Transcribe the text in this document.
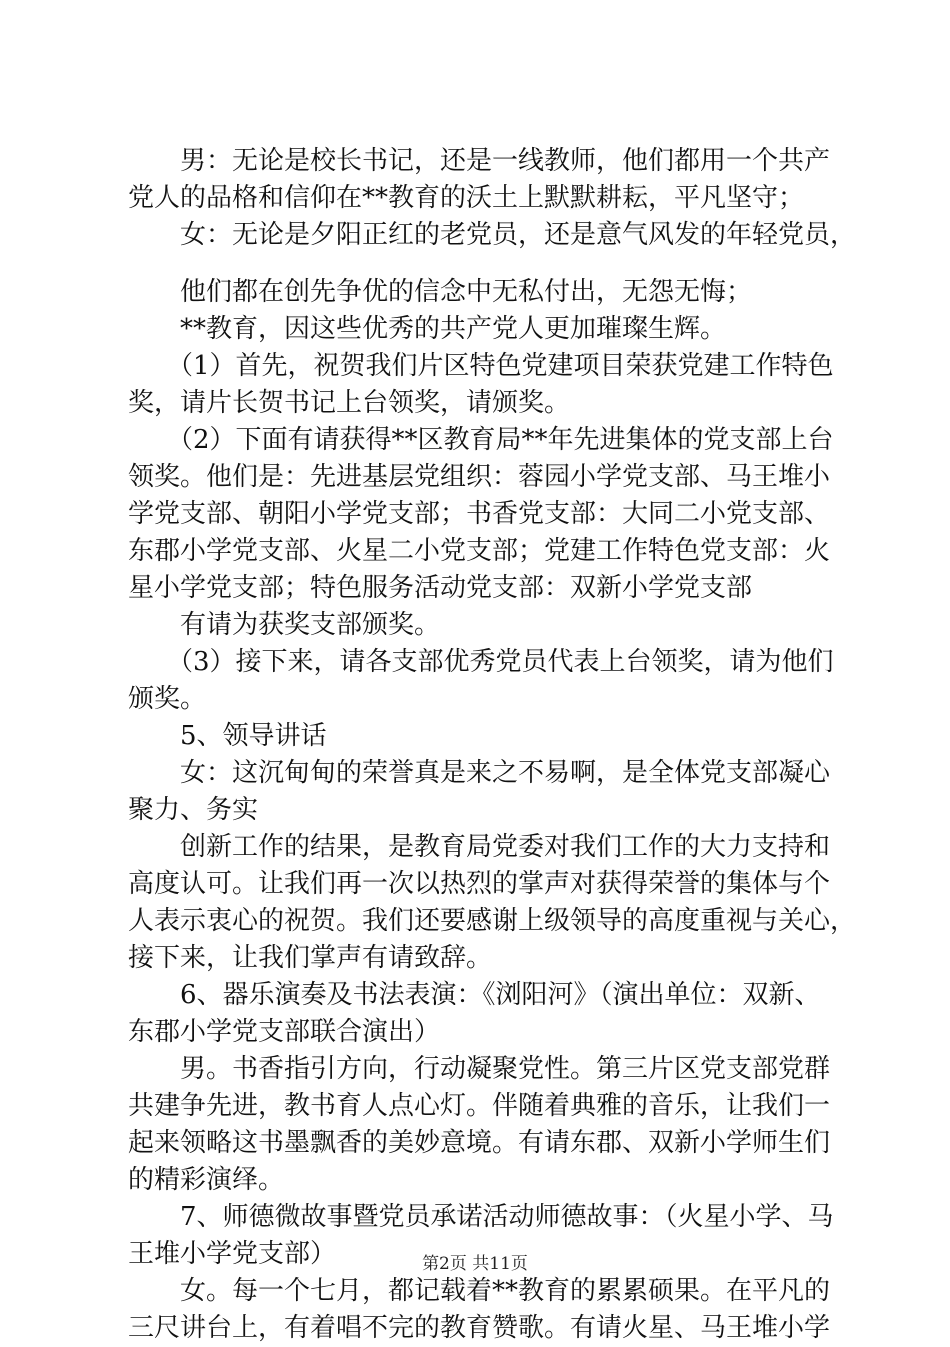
　　男：无论是校长书记，还是一线教师，他们都用一个共产
党人的品格和信仰在**教育的沃土上默默耕耘，平凡坚守；
　　女：无论是夕阳正红的老党员，还是意气风发的年轻党员，
　　他们都在创先争优的信念中无私付出，无怨无悔；
　　**教育，因这些优秀的共产党人更加璀璨生辉。
　　（1）首先，祝贺我们片区特色党建项目荣获党建工作特色
奖，请片长贺书记上台领奖，请颁奖。
　　（2）下面有请获得**区教育局**年先进集体的党支部上台
领奖。他们是：先进基层党组织：蓉园小学党支部、马王堆小
学党支部、朝阳小学党支部；书香党支部：大同二小党支部、
东郡小学党支部、火星二小党支部；党建工作特色党支部：火
星小学党支部；特色服务活动党支部：双新小学党支部
　　有请为获奖支部颁奖。
　　（3）接下来，请各支部优秀党员代表上台领奖，请为他们
颁奖。
　　5、领导讲话
　　女：这沉甸甸的荣誉真是来之不易啊，是全体党支部凝心
聚力、务实
　　创新工作的结果，是教育局党委对我们工作的大力支持和
高度认可。让我们再一次以热烈的掌声对获得荣誉的集体与个
人表示衷心的祝贺。我们还要感谢上级领导的高度重视与关心，
接下来，让我们掌声有请致辞。
　　6、器乐演奏及书法表演：《浏阳河》（演出单位：双新、
东郡小学党支部联合演出）
　　男。书香指引方向，行动凝聚党性。第三片区党支部党群
共建争先进，教书育人点心灯。伴随着典雅的音乐，让我们一
起来领略这书墨飘香的美妙意境。有请东郡、双新小学师生们
的精彩演绎。
　　7、师德微故事暨党员承诺活动师德故事：（火星小学、马
王堆小学党支部）
　　女。每一个七月，都记载着**教育的累累硕果。在平凡的
三尺讲台上，有着唱不完的教育赞歌。有请火星、马王堆小学
第2页 共11页
